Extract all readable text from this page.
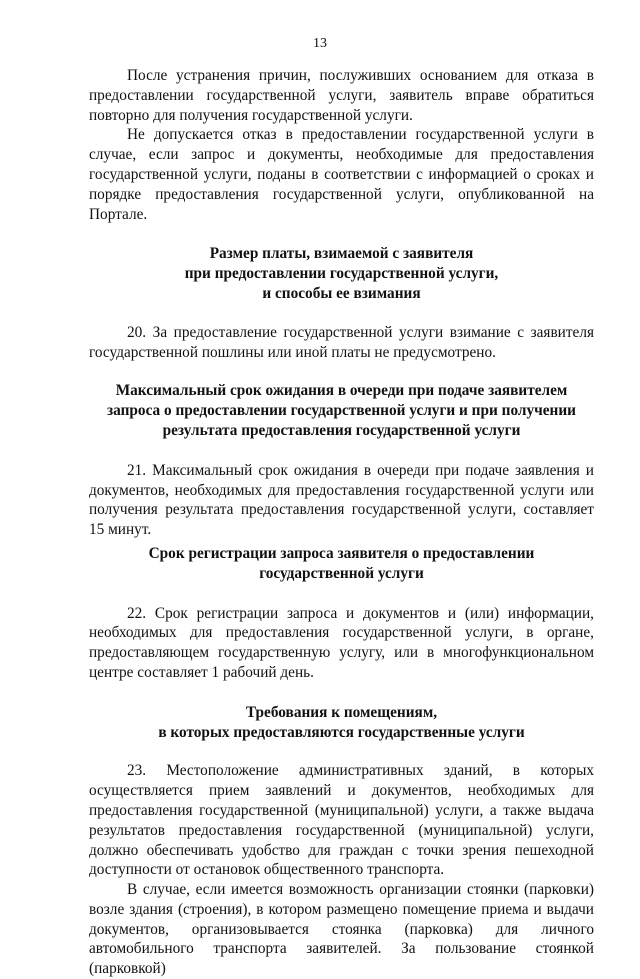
13

После устранения причин, послуживших основанием для отказа в предоставлении государственной услуги, заявитель вправе обратиться повторно для получения государственной услуги.

Не допускается отказ в предоставлении государственной услуги в случае, если запрос и документы, необходимые для предоставления государственной услуги, поданы в соответствии с информацией о сроках и порядке предоставления государственной услуги, опубликованной на Портале.

Размер платы, взимаемой с заявителя
при предоставлении государственной услуги,
и способы ее взимания

20. За предоставление государственной услуги взимание с заявителя государственной пошлины или иной платы не предусмотрено.

Максимальный срок ожидания в очереди при подаче заявителем
запроса о предоставлении государственной услуги и при получении
результата предоставления государственной услуги

21. Максимальный срок ожидания в очереди при подаче заявления и документов, необходимых для предоставления государственной услуги или получения результата предоставления государственной услуги, составляет 15 минут.

Срок регистрации запроса заявителя о предоставлении
государственной услуги

22. Срок регистрации запроса и документов и (или) информации, необходимых для предоставления государственной услуги, в органе, предоставляющем государственную услугу, или в многофункциональном центре составляет 1 рабочий день.

Требования к помещениям,
в которых предоставляются государственные услуги

23. Местоположение административных зданий, в которых осуществляется прием заявлений и документов, необходимых для предоставления государственной (муниципальной) услуги, а также выдача результатов предоставления государственной (муниципальной) услуги, должно обеспечивать удобство для граждан с точки зрения пешеходной доступности от остановок общественного транспорта.

В случае, если имеется возможность организации стоянки (парковки) возле здания (строения), в котором размещено помещение приема и выдачи документов, организовывается стоянка (парковка) для личного автомобильного транспорта заявителей. За пользование стоянкой (парковкой)
